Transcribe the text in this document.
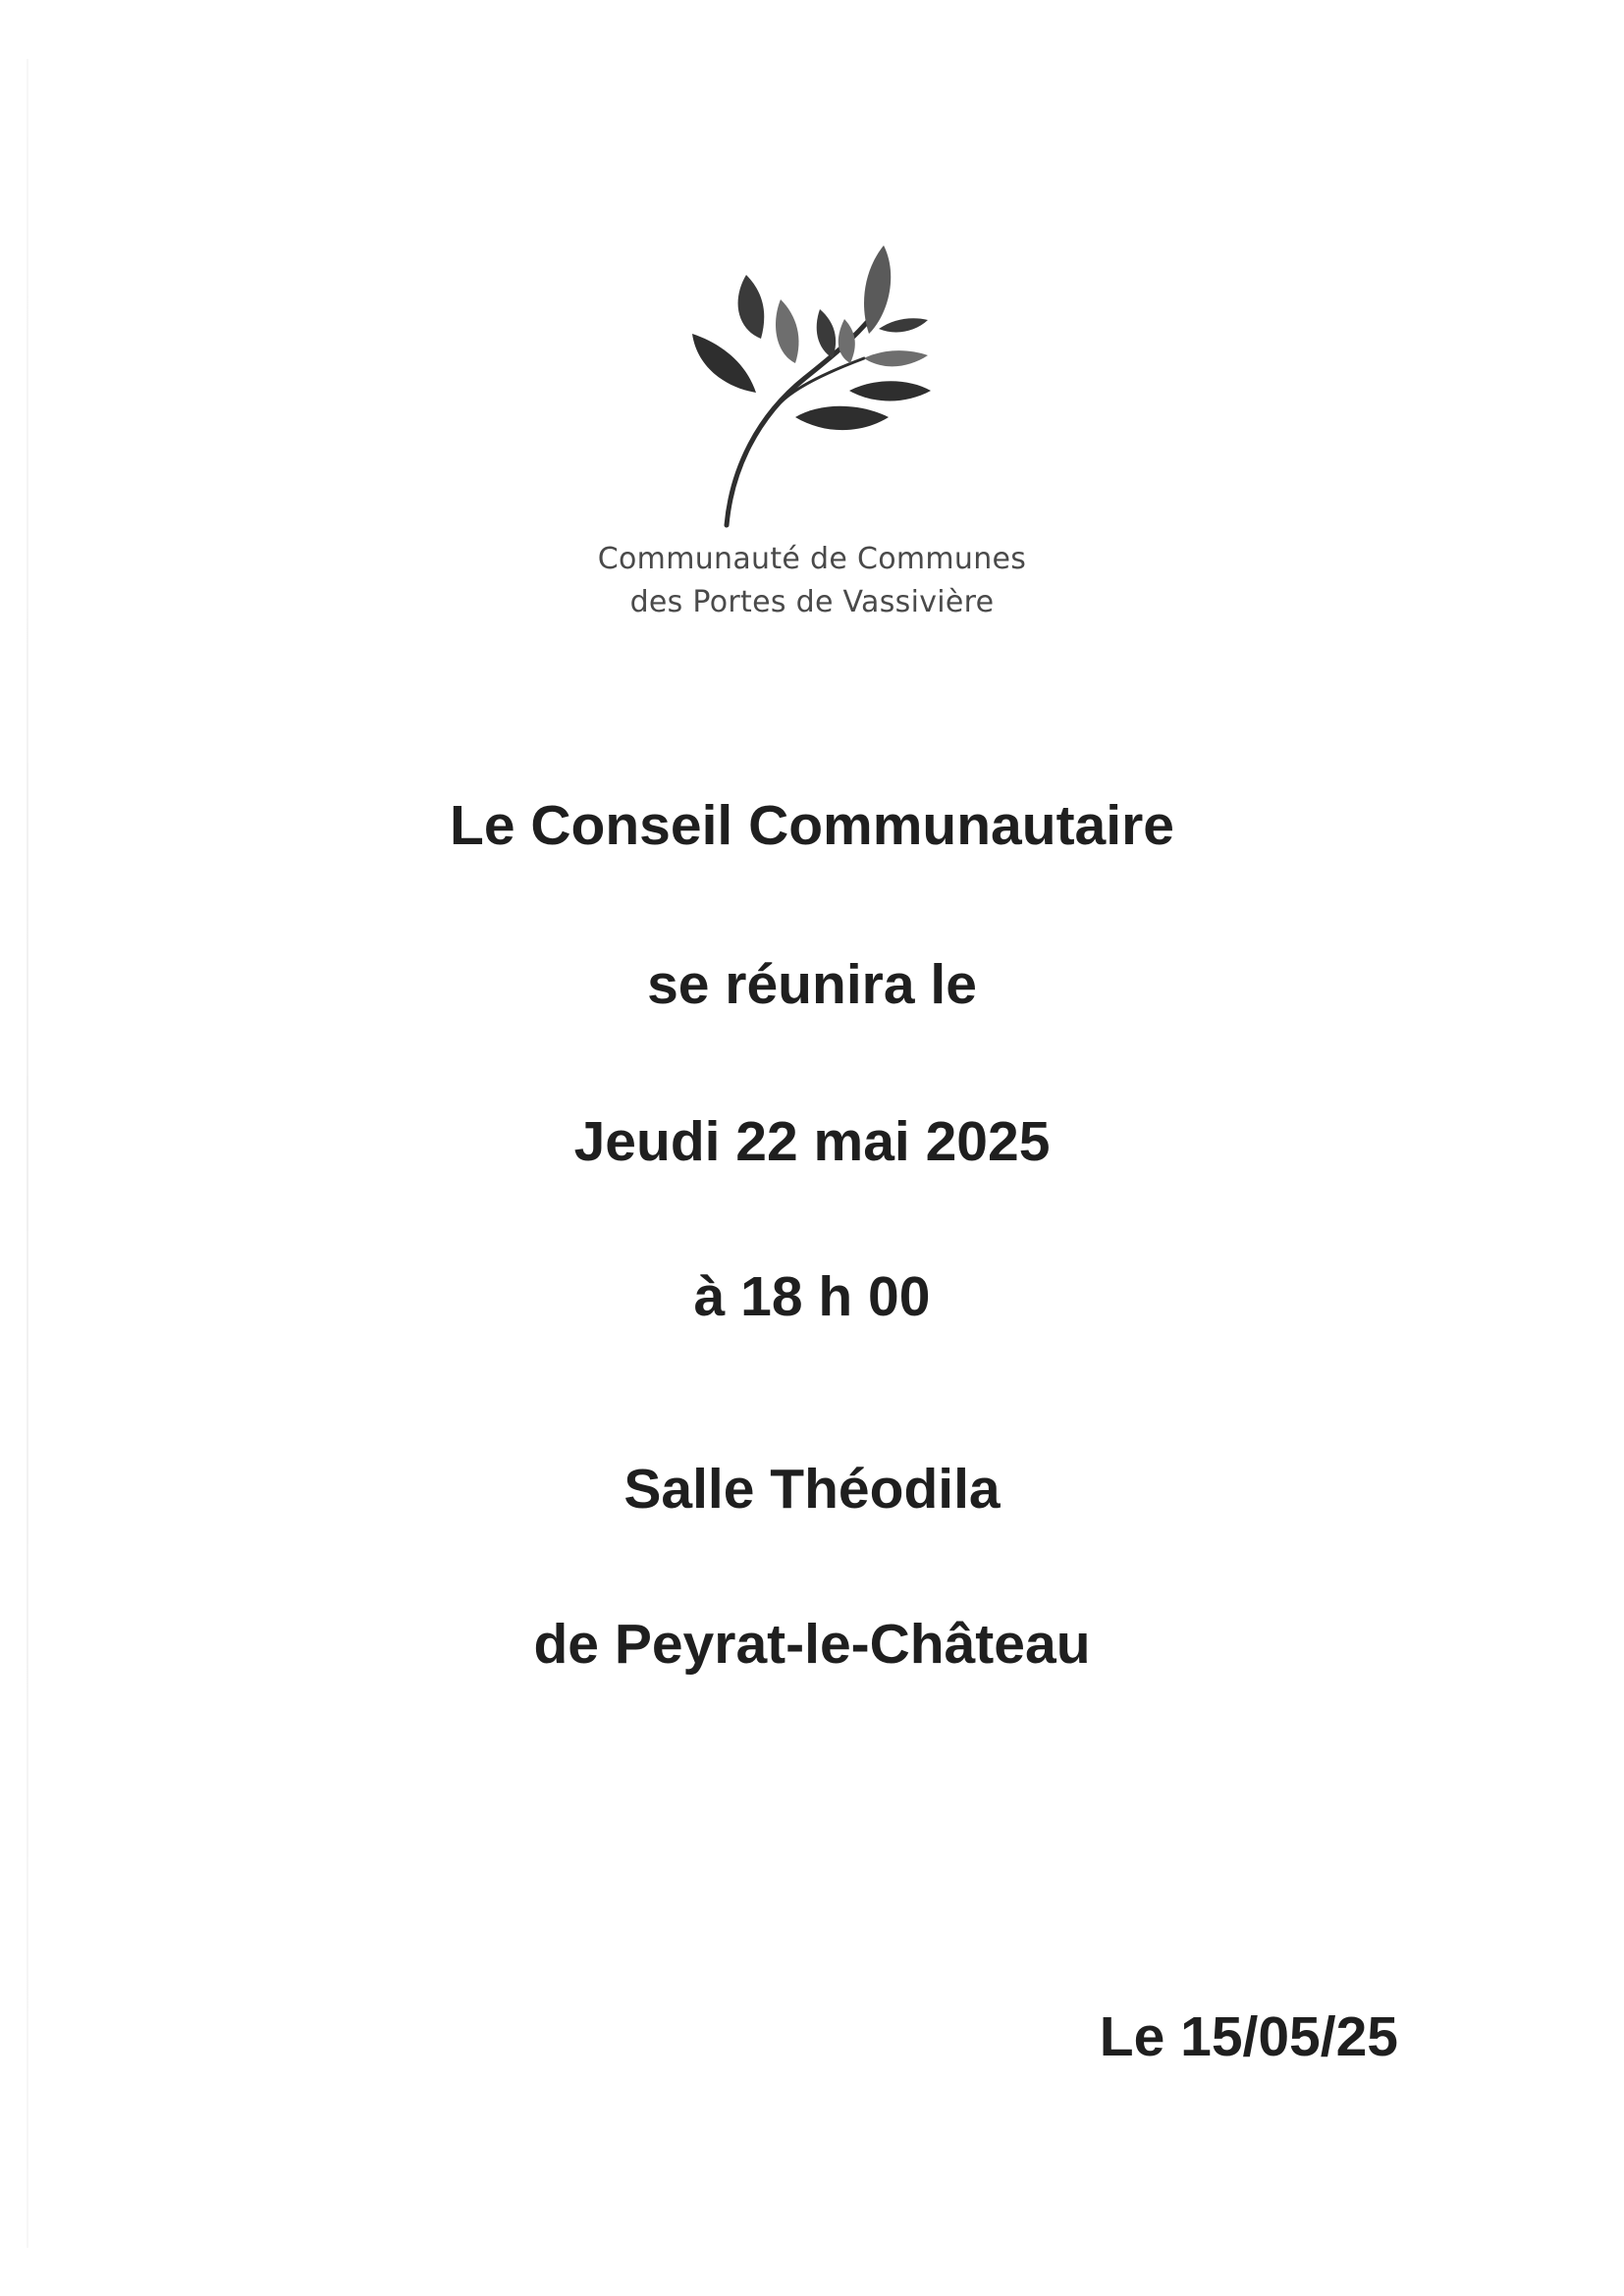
Communauté de Communes
des Portes de Vassivière
Le Conseil Communautaire
se réunira le
Jeudi 22 mai 2025
à 18 h 00
Salle Théodila
de Peyrat-le-Château
Le 15/05/25
